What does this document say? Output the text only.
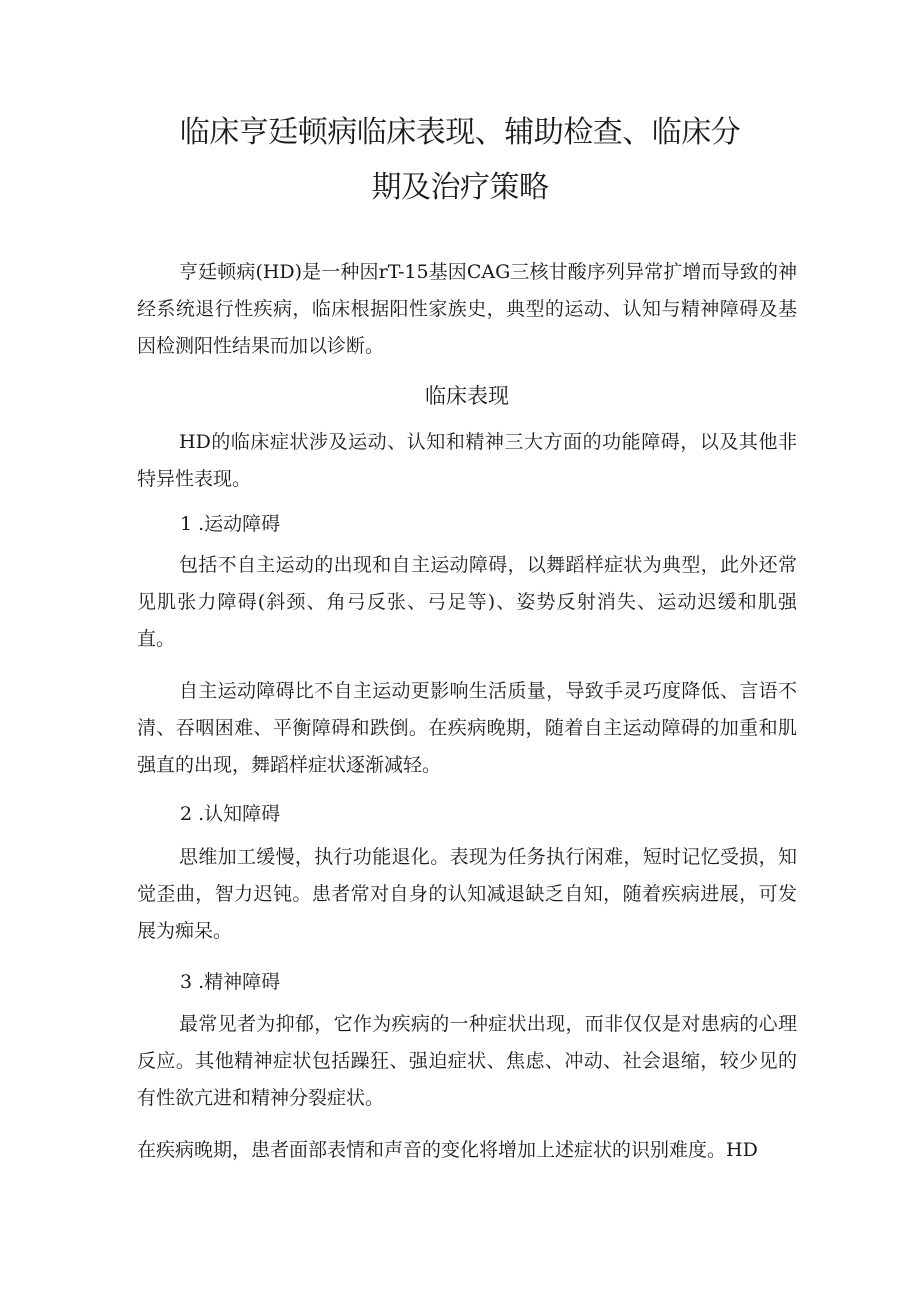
临床亨廷顿病临床表现、辅助检查、临床分
期及治疗策略

亨廷顿病(HD)是一种因rT-15基因CAG三核甘酸序列异常扩增而导致的神经系统退行性疾病，临床根据阳性家族史，典型的运动、认知与精神障碍及基因检测阳性结果而加以诊断。

临床表现

HD的临床症状涉及运动、认知和精神三大方面的功能障碍，以及其他非特异性表现。

1 .运动障碍

包括不自主运动的出现和自主运动障碍，以舞蹈样症状为典型，此外还常见肌张力障碍(斜颈、角弓反张、弓足等)、姿势反射消失、运动迟缓和肌强直。

自主运动障碍比不自主运动更影响生活质量，导致手灵巧度降低、言语不清、吞咽困难、平衡障碍和跌倒。在疾病晚期，随着自主运动障碍的加重和肌强直的出现，舞蹈样症状逐渐减轻。

2 .认知障碍

思维加工缓慢，执行功能退化。表现为任务执行闲难，短时记忆受损，知觉歪曲，智力迟钝。患者常对自身的认知减退缺乏自知，随着疾病进展，可发展为痴呆。

3 .精神障碍

最常见者为抑郁，它作为疾病的一种症状出现，而非仅仅是对患病的心理反应。其他精神症状包括躁狂、强迫症状、焦虑、冲动、社会退缩，较少见的有性欲亢进和精神分裂症状。

在疾病晚期，患者面部表情和声音的变化将增加上述症状的识别难度。HD
